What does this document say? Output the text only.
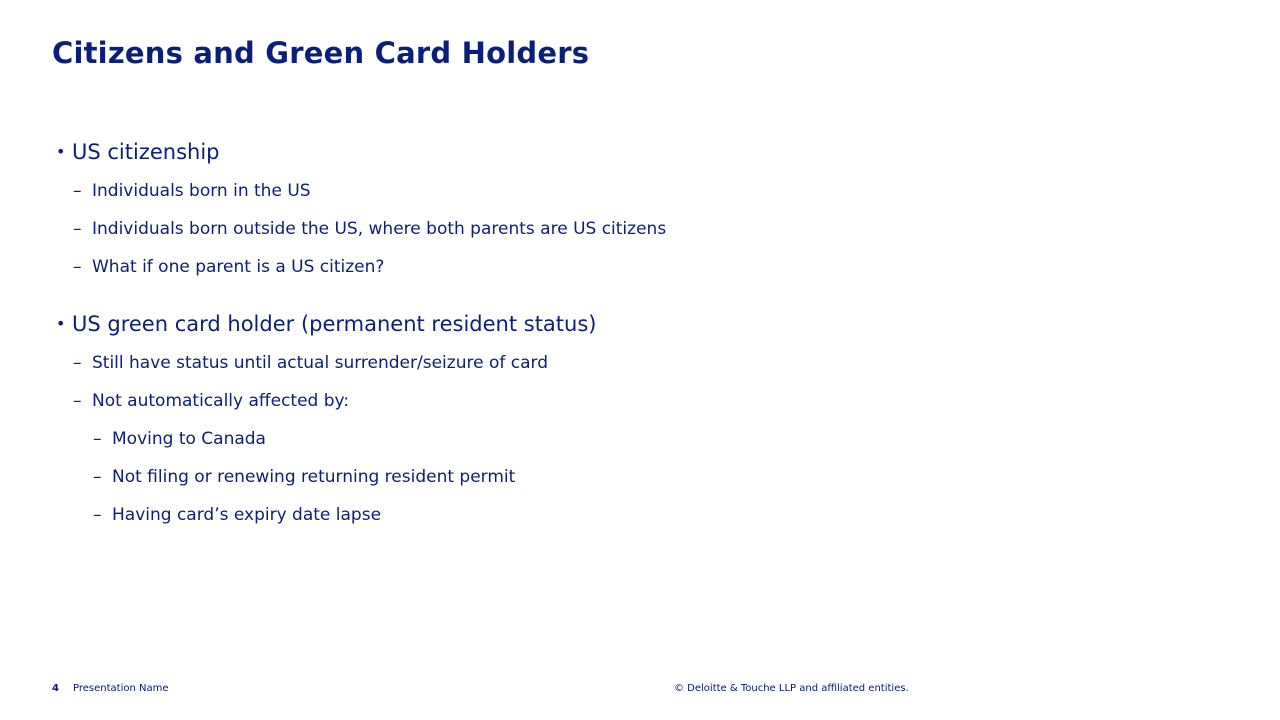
Citizens and Green Card Holders
• US citizenship
– Individuals born in the US
– Individuals born outside the US, where both parents are US citizens
– What if one parent is a US citizen?
• US green card holder (permanent resident status)
– Still have status until actual surrender/seizure of card
– Not automatically affected by:
– Moving to Canada
– Not filing or renewing returning resident permit
– Having card’s expiry date lapse
4 Presentation Name	© Deloitte & Touche LLP and affiliated entities.
